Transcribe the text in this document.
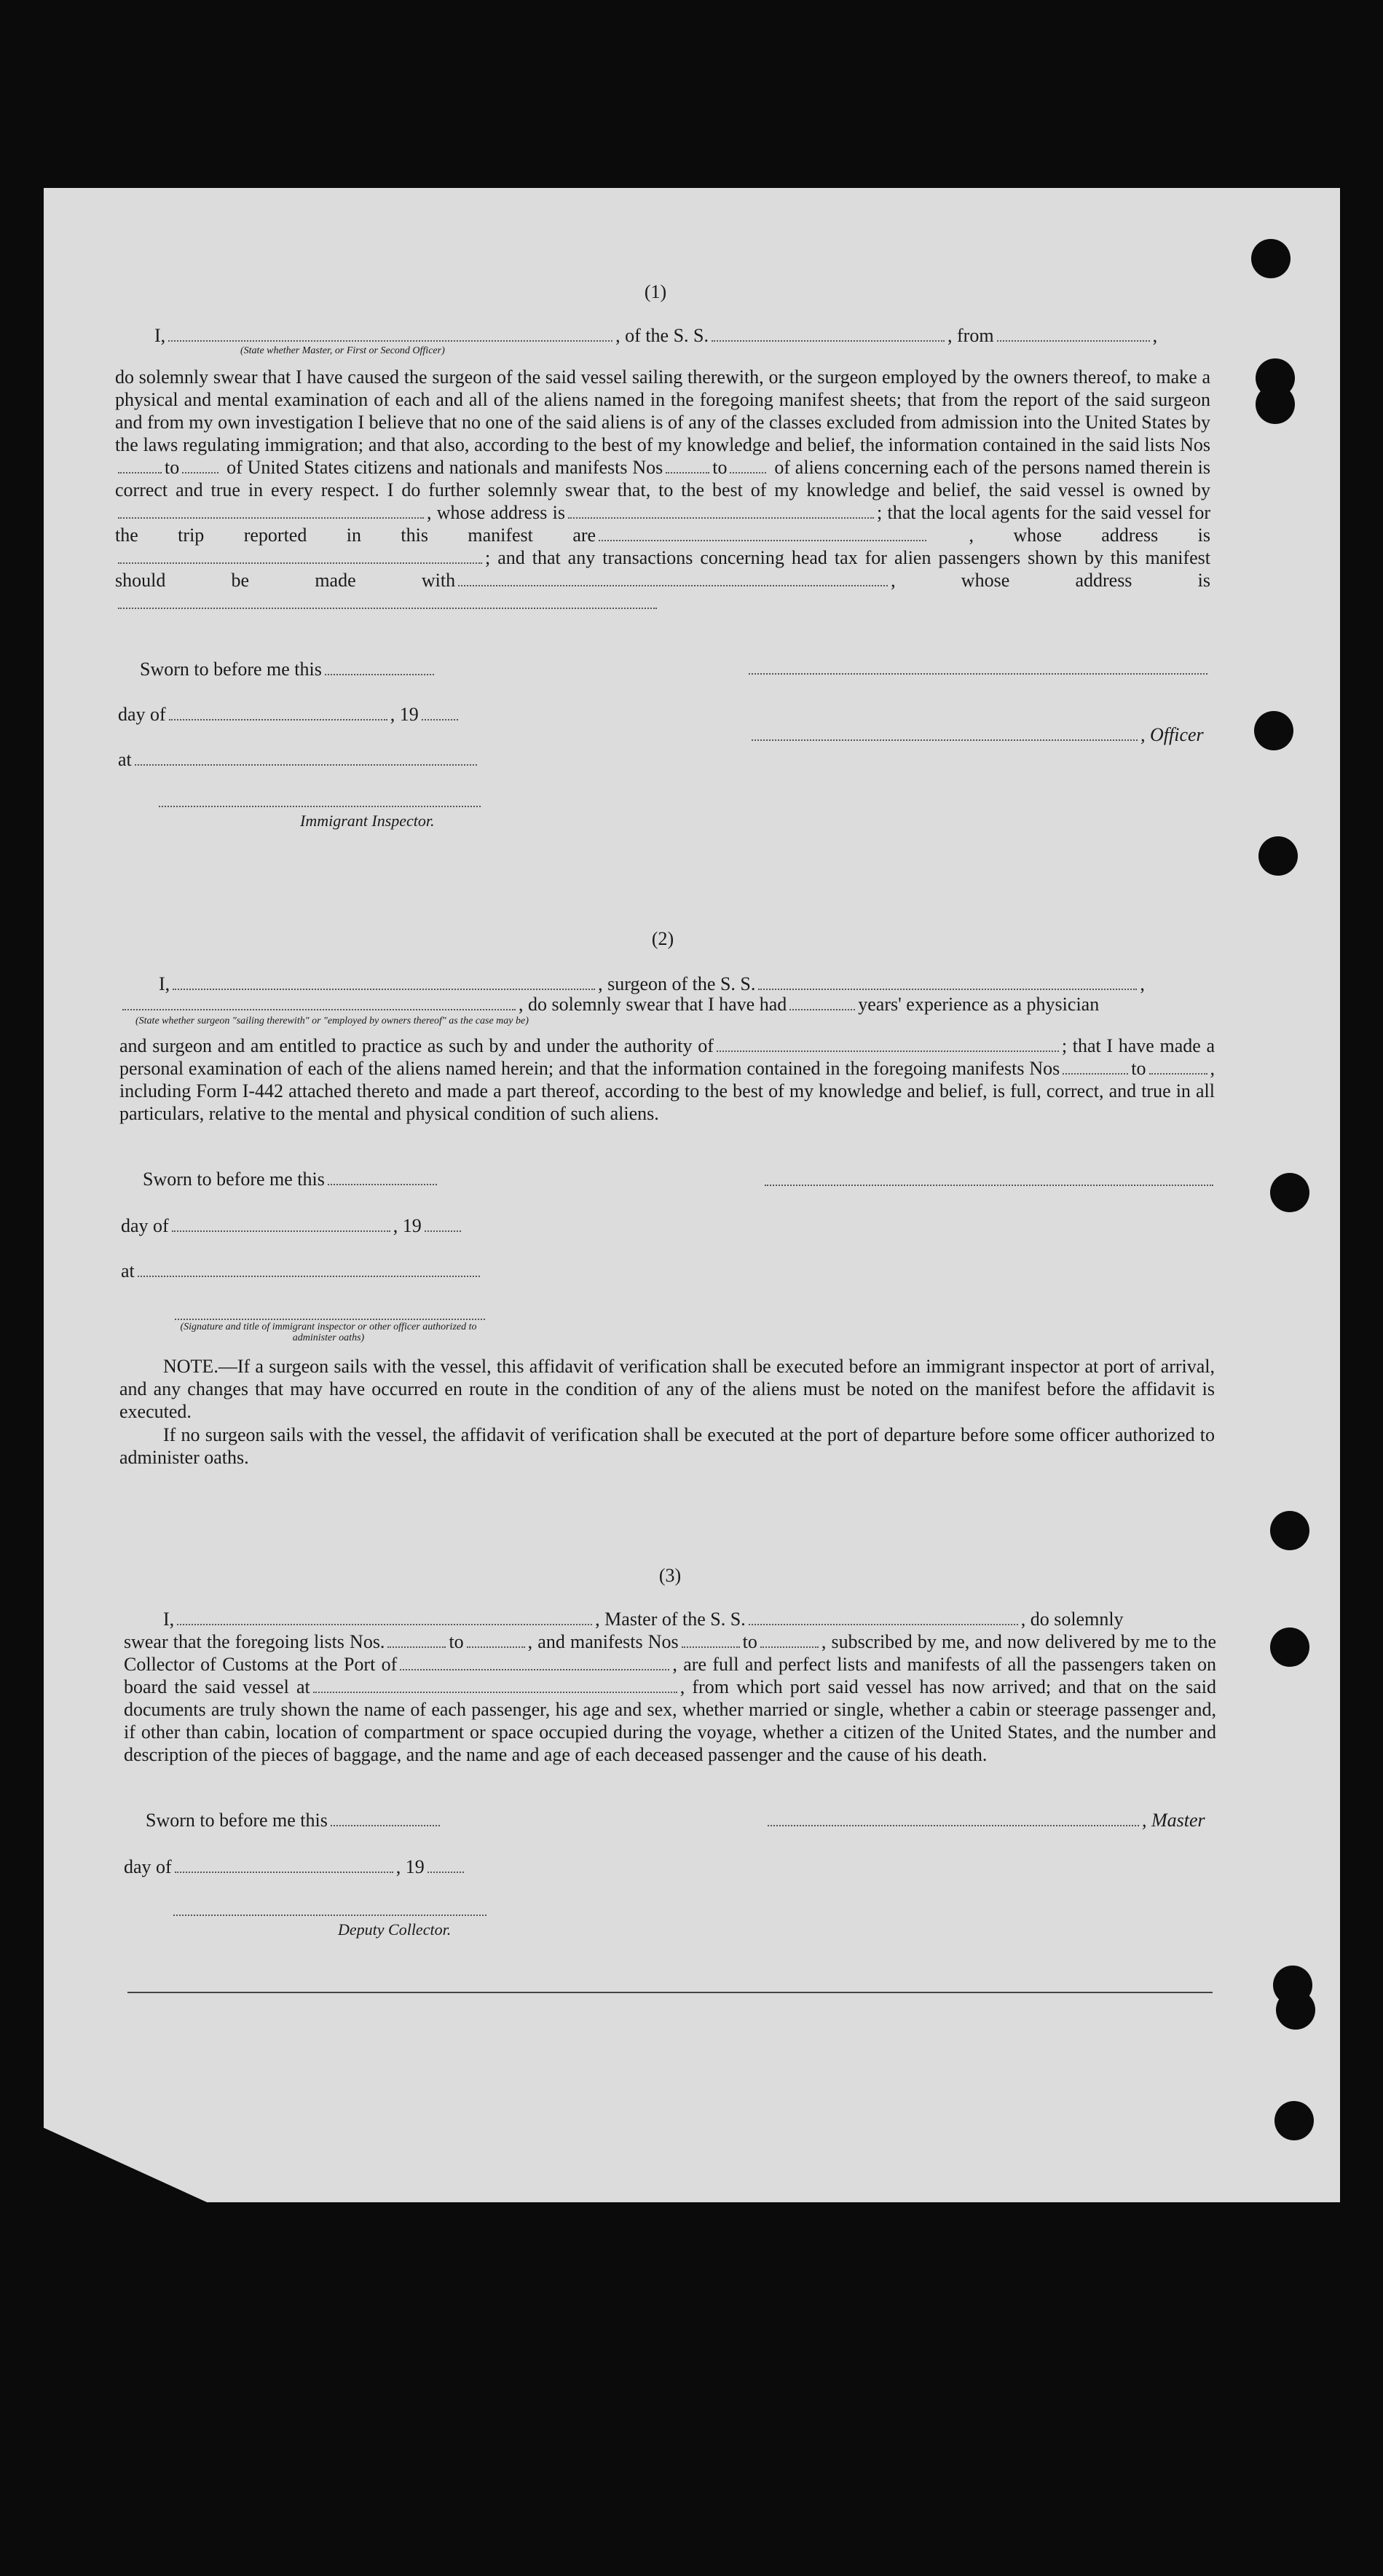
(1)
I,	, of the S. S.	, from	,
(State whether Master, or First or Second Officer)
do solemnly swear that I have caused the surgeon of the said vessel sailing therewith, or the surgeon employed by the owners thereof, to make a physical and mental examination of each and all of the aliens named in the foregoing manifest sheets; that from the report of the said surgeon and from my own investigation I believe that no one of the said aliens is of any of the classes excluded from admission into the United States by the laws regulating immigration; and that also, according to the best of my knowledge and belief, the information contained in the said lists Nosto of United States citizens and nationals and manifests Nos	to of aliens concerning each of the persons named therein is correct and true in every respect. I do further solemnly swear that, to the best of my knowledge and belief, the said vessel is owned by, whose address is	; that the local agents for the said vessel for the trip reported in this manifest are	, whose address is; and that any transactions concerning head tax for alien passengers shown by this manifest should be made with	, whose address is
Sworn to before me this
day of	, 19
, Officer
at
Immigrant Inspector.
(2)
I,	, surgeon of the S. S.	,
, do solemnly swear that I have had	years' experience as a physician
(State whether surgeon "sailing therewith" or "employed by owners thereof" as the case may be)
and surgeon and am entitled to practice as such by and under the authority of	; that I have made a personal examination of each of the aliens named herein; and that the information contained in the foregoing manifests Nos	to	, including Form I-442 attached thereto and made a part thereof, according to the best of my knowledge and belief, is full, correct, and true in all particulars, relative to the mental and physical condition of such aliens.
Sworn to before me this
day of	, 19
at
(Signature and title of immigrant inspector or other officer authorized to administer oaths)
NOTE.—If a surgeon sails with the vessel, this affidavit of verification shall be executed before an immigrant inspector at port of arrival, and any changes that may have occurred en route in the condition of any of the aliens must be noted on the manifest before the affidavit is executed.
If no surgeon sails with the vessel, the affidavit of verification shall be executed at the port of departure before some officer authorized to administer oaths.
(3)
I,	, Master of the S. S.	, do solemnly
swear that the foregoing lists Nos.	to	, and manifests Nos	to	, subscribed by me, and now delivered by me to the Collector of Customs at the Port of	, are full and perfect lists and manifests of all the passengers taken on board the said vessel at	, from which port said vessel has now arrived; and that on the said documents are truly shown the name of each passenger, his age and sex, whether married or single, whether a cabin or steerage passenger and, if other than cabin, location of compartment or space occupied during the voyage, whether a citizen of the United States, and the number and description of the pieces of baggage, and the name and age of each deceased passenger and the cause of his death.
Sworn to before me this	, Master
day of	, 19
Deputy Collector.
